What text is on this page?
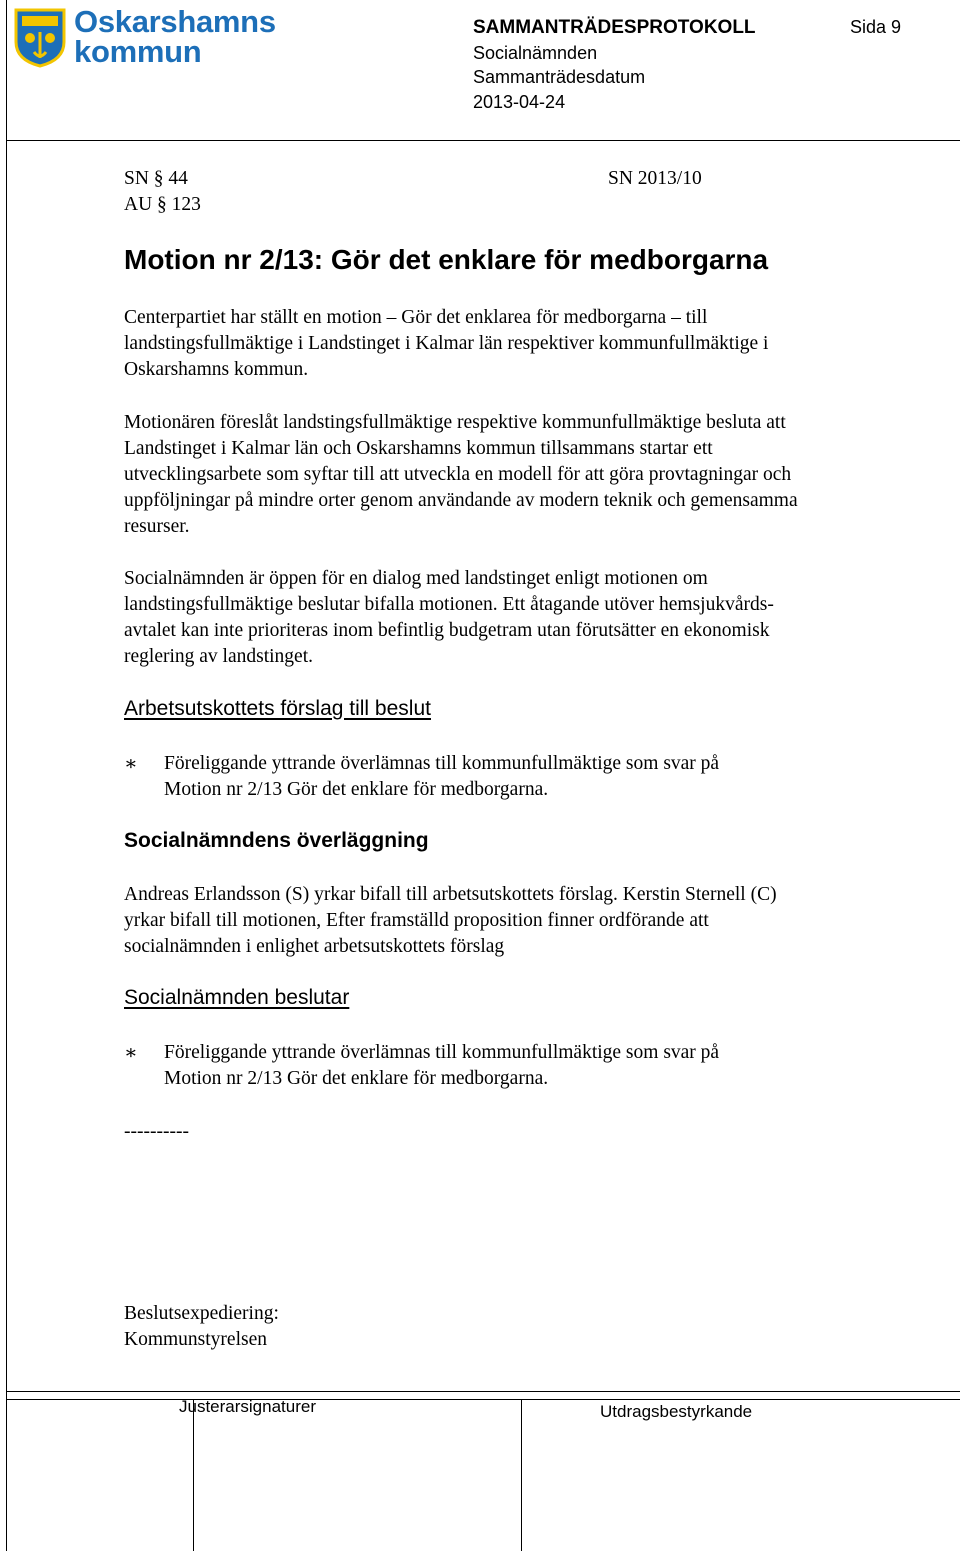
Oskarshamns
kommun
SAMMANTRÄDESPROTOKOLL
Socialnämnden
Sammanträdesdatum
2013-04-24
Sida 9
SN § 44
AU § 123
SN 2013/10
Motion nr 2/13: Gör det enklare för medborgarna
Centerpartiet har ställt en motion – Gör det enklarea för medborgarna – till
landstingsfullmäktige i Landstinget i Kalmar län respektiver kommunfullmäktige i
Oskarshamns kommun.
Motionären föreslåt landstingsfullmäktige respektive kommunfullmäktige besluta att
Landstinget i Kalmar län och Oskarshamns kommun tillsammans startar ett
utvecklingsarbete som syftar till att utveckla en modell för att göra provtagningar och
uppföljningar på mindre orter genom användande av modern teknik och gemensamma
resurser.
Socialnämnden är öppen för en dialog med landstinget enligt motionen om
landstingsfullmäktige beslutar bifalla motionen. Ett åtagande utöver hemsjukvårds-
avtalet kan inte prioriteras inom befintlig budgetram utan förutsätter en ekonomisk
reglering av landstinget.
Arbetsutskottets förslag till beslut
∗	Föreliggande yttrande överlämnas till kommunfullmäktige som svar på
Motion nr 2/13 Gör det enklare för medborgarna.
Socialnämndens överläggning
Andreas Erlandsson (S) yrkar bifall till arbetsutskottets förslag. Kerstin Sternell (C)
yrkar bifall till motionen, Efter framställd proposition finner ordförande att
socialnämnden i enlighet arbetsutskottets förslag
Socialnämnden beslutar
∗	Föreliggande yttrande överlämnas till kommunfullmäktige som svar på
Motion nr 2/13 Gör det enklare för medborgarna.
----------
Beslutsexpediering:
Kommunstyrelsen
Justerarsignaturer	Utdragsbestyrkande
